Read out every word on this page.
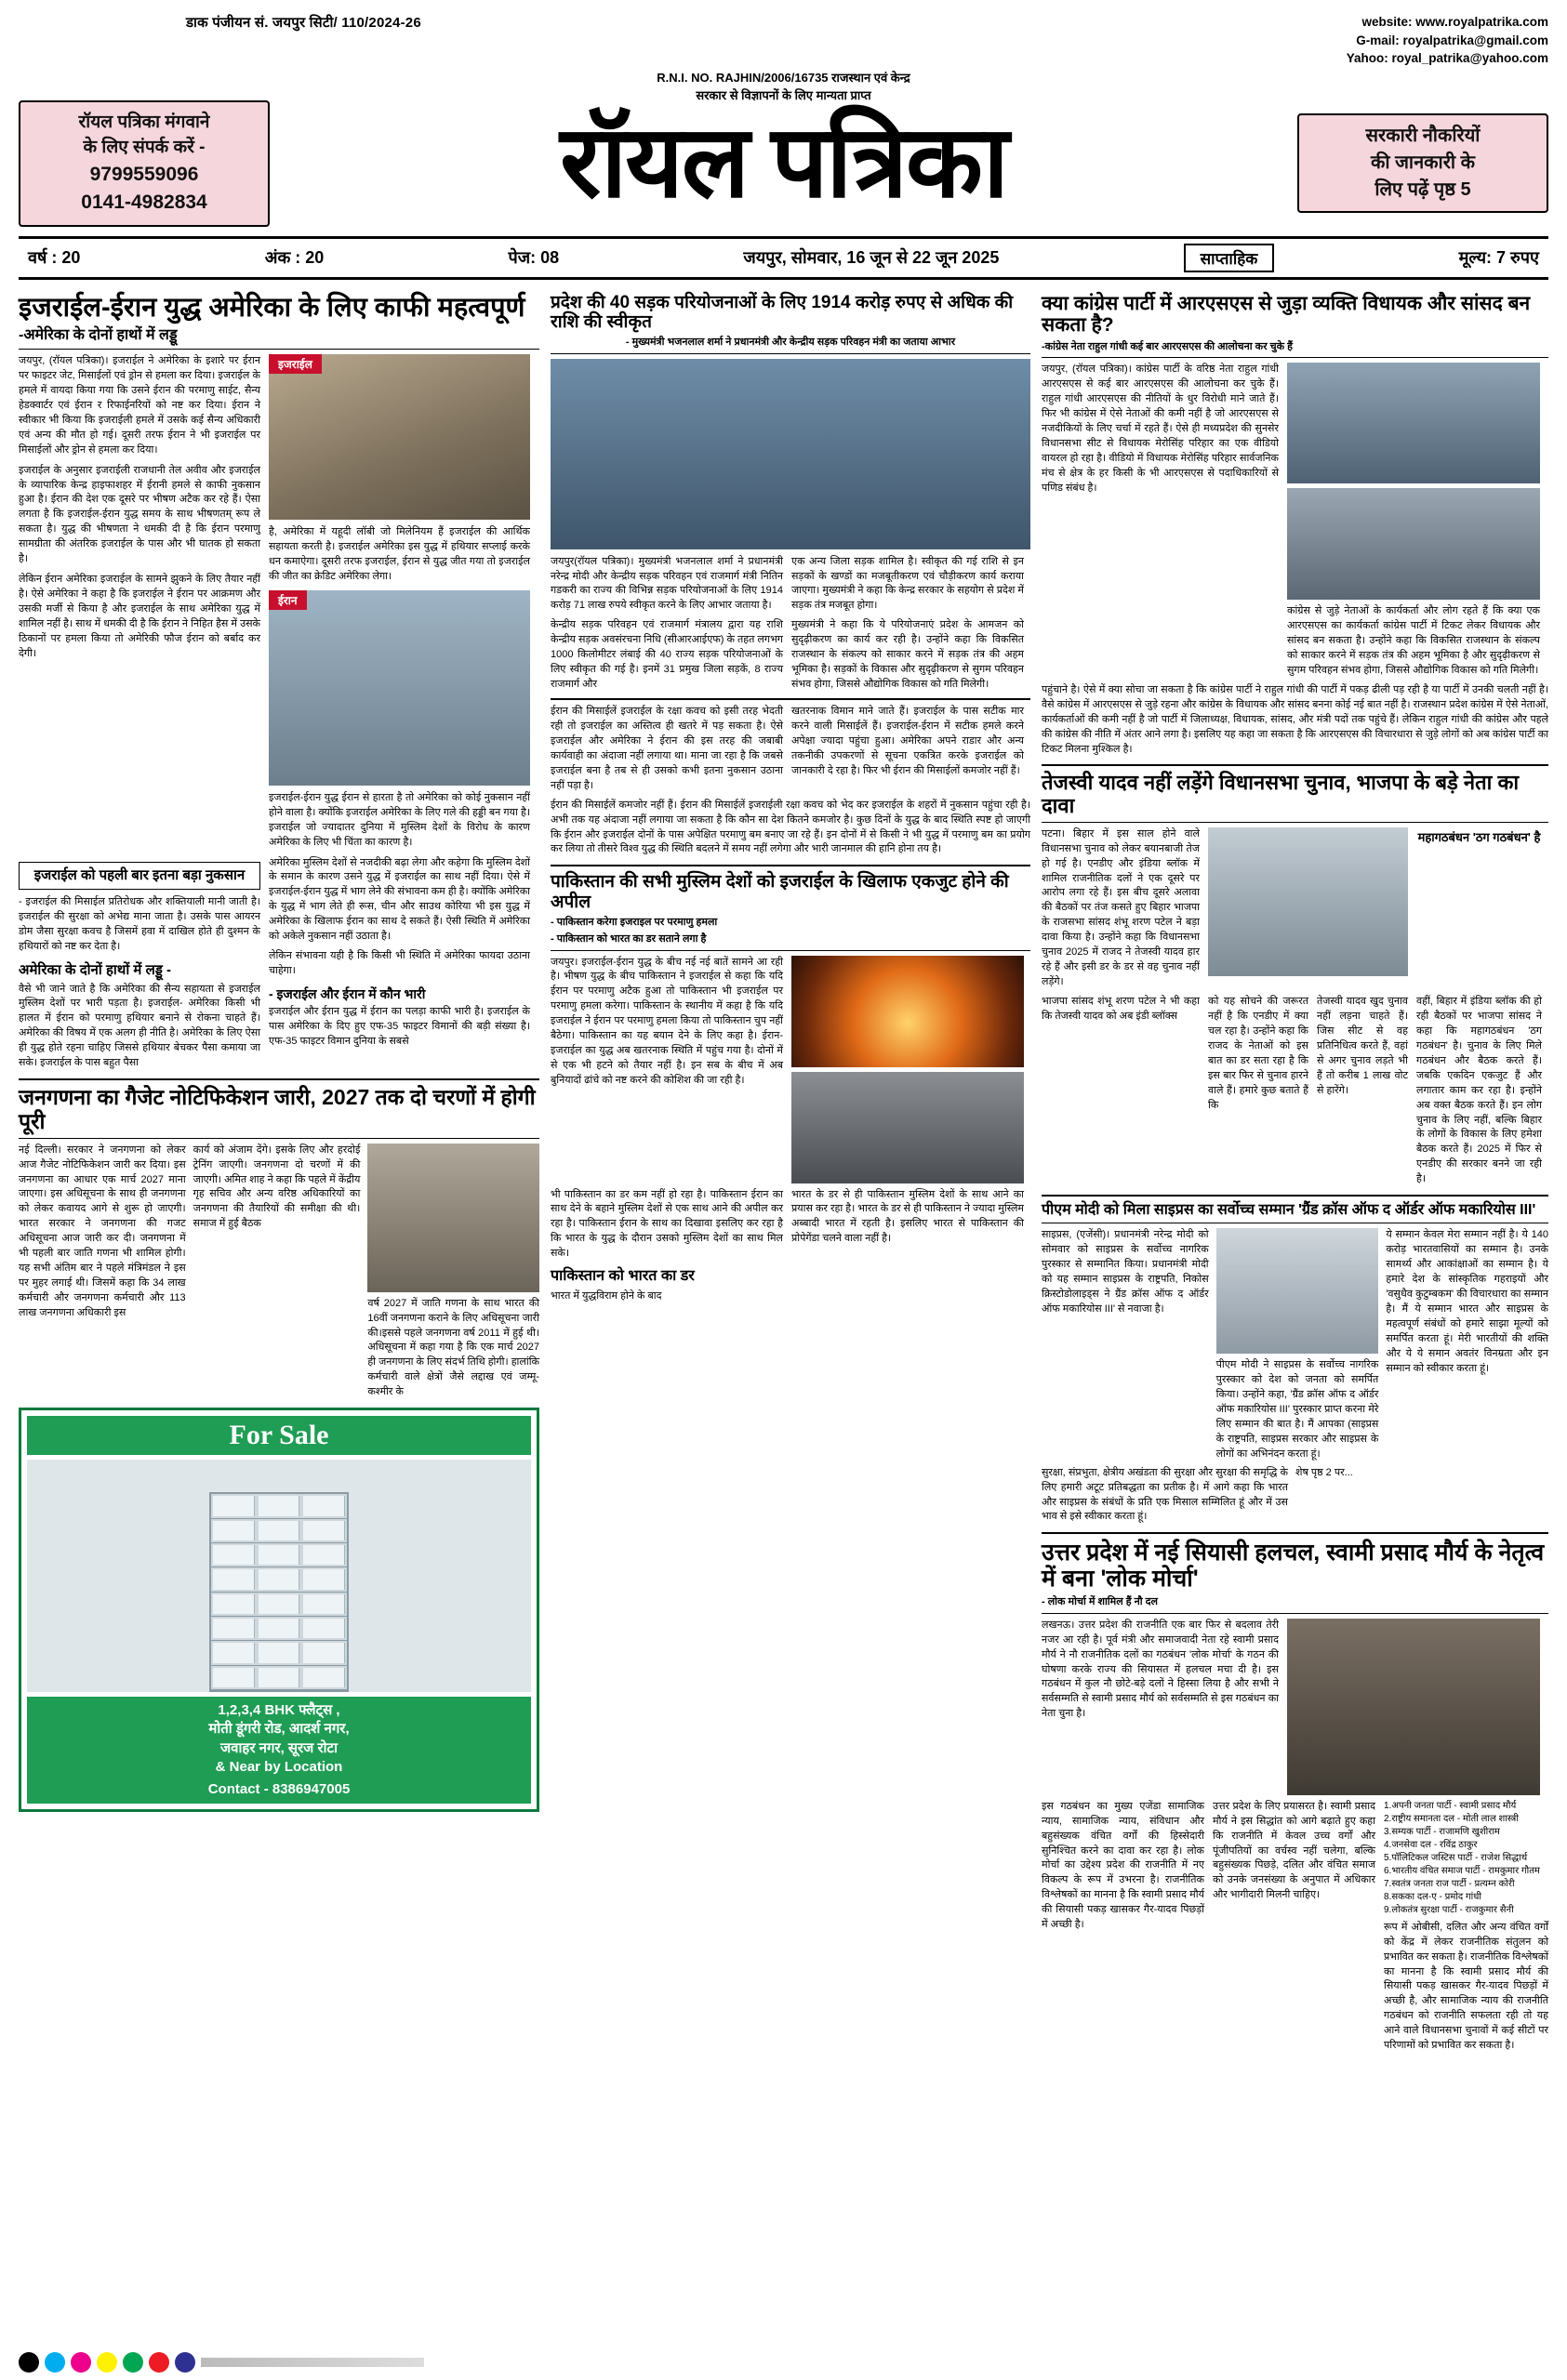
डाक पंजीयन सं. जयपुर सिटी/ 110/2024-26	website: www.royalpatrika.com
G-mail: royalpatrika@gmail.com
Yahoo: royal_patrika@yahoo.com
R.N.I. NO. RAJHIN/2006/16735 राजस्थान एवं केन्द्र
सरकार से विज्ञापनों के लिए मान्यता प्राप्त
रॉयल पत्रिका मंगवाने
के लिए संपर्क करें -
9799559096
0141-4982834	रॉयल पत्रिका	सरकारी नौकरियों
की जानकारी के
लिए पढ़ें पृष्ठ 5
वर्ष : 20	अंक : 20	पेज: 08	जयपुर, सोमवार, 16 जून से 22 जून 2025	साप्ताहिक	मूल्य: 7 रुपए
इजराईल-ईरान युद्ध अमेरिका के लिए काफी महत्वपूर्ण
-अमेरिका के दोनों हाथों में लड्डू
जयपुर, (रॉयल पत्रिका)। इजराईल ने अमेरिका के इशारे पर ईरान पर फाइटर जेट, मिसाईलों एवं ड्रोन से हमला कर दिया। इजराईल के हमले में वायदा किया गया कि उसने ईरान की परमाणु साईट, सैन्य हेडक्वार्टर एवं ईरान र रिफाईनरियों को नष्ट कर दिया। ईरान ने स्वीकार भी किया कि इजराईली हमले में उसके कई सैन्य अधिकारी एवं अन्य की मौत हो गई। दूसरी तरफ ईरान ने भी इजराईल पर मिसाईलों और ड्रोन से हमला कर दिया।
इजराईल के अनुसार इजराईली राजधानी तेल अवीव और इजराईल के व्यापारिक केन्द्र हाइफाशहर में ईरानी हमले से काफी नुकसान हुआ है। ईरान की देश एक दूसरे पर भीषण अटैक कर रहे हैं। ऐसा लगता है कि इजराईल-ईरान युद्ध समय के साथ भीषणतम् रूप ले सकता है। युद्ध की भीषणता ने धमकी दी है कि ईरान परमाणु सामग्रीता की अंतरिक इजराईल के पास और भी घातक हो सकता है।
लेकिन ईरान अमेरिका इजराईल के सामने झुकने के लिए तैयार नहीं है। ऐसे अमेरिका ने कहा है कि इजराईल ने ईरान पर आक्रमण और उसकी मर्जी से किया है और इजराईल के साथ अमेरिका युद्ध में शामिल नहीं है। साथ में धमकी दी है कि ईरान ने निहित हैस में उसके ठिकानों पर हमला किया तो अमेरिकी फौज ईरान को बर्बाद कर देगी।
इजराईल
है, अमेरिका में यहूदी लॉबी जो मिलेनियम हैं इजराईल की आर्थिक सहायता करती है। इजराईल अमेरिका इस युद्ध में हथियार सप्लाई करके धन कमाऐगा। दूसरी तरफ इजराईल, ईरान से युद्ध जीत गया तो इजराईल की जीत का क्रेडिट अमेरिका लेगा।
ईरान
इजराईल-ईरान युद्ध ईरान से हारता है तो अमेरिका को कोई नुकसान नहीं होने वाला है। क्योंकि इजराईल अमेरिका के लिए गले की हड्डी बन गया है। इजराईल जो ज्यादातर दुनिया में मुस्लिम देशों के विरोध के कारण अमेरिका के लिए भी चिंता का कारण है।
इजराईल को पहली बार इतना बड़ा नुकसान
- इजराईल की मिसाईल प्रतिरोधक और शक्तियाली मानी जाती है। इजराईल की सुरक्षा को अभेद्य माना जाता है। उसके पास आयरन डोम जैसा सुरक्षा कवच है जिसमें हवा में दाखिल होते ही दुश्मन के हथियारों को नष्ट कर देता है।
अमेरिका के दोनों हाथों में लड्डू -
वैसे भी जाने जाते है कि अमेरिका की सैन्य सहायता से इजराईल मुस्लिम देशों पर भारी पड़ता है। इजराईल- अमेरिका किसी भी हालत में ईरान को परमाणु हथियार बनाने से रोकना चाहते हैं। अमेरिका की विषय में एक अलग ही नीति है। अमेरिका के लिए ऐसा ही युद्ध होते रहना चाहिए जिससे हथियार बेचकर पैसा कमाया जा सके। इजराईल के पास बहुत पैसा
अमेरिका मुस्लिम देशों से नजदीकी बढ़ा लेगा और कहेगा कि मुस्लिम देशों के समान के कारण उसने युद्ध में इजराईल का साथ नहीं दिया। ऐसे में इजराईल-ईरान युद्ध में भाग लेने की संभावना कम ही है। क्योंकि अमेरिका के युद्ध में भाग लेते ही रूस, चीन और साउथ कोरिया भी इस युद्ध में अमेरिका के खिलाफ ईरान का साथ दे सकते हैं। ऐसी स्थिति में अमेरिका को अकेले नुकसान नहीं उठाता है।
लेकिन संभावना यही है कि किसी भी स्थिति में अमेरिका फायदा उठाना चाहेगा।
- इजराईल और ईरान में कौन भारी
इजराईल और ईरान युद्ध में ईरान का पलड़ा काफी भारी है। इजराईल के पास अमेरिका के दिए हुए एफ-35 फाइटर विमानों की बड़ी संख्या है। एफ-35 फाइटर विमान दुनिया के सबसे
जनगणना का गैजेट नोटिफिकेशन जारी, 2027 तक दो चरणों में होगी पूरी
नई दिल्ली। सरकार ने जनगणना को लेकर आज गैजेट नोटिफिकेशन जारी कर दिया। इस जनगणना का आधार एक मार्च 2027 माना जाएगा। इस अधिसूचना के साथ ही जनगणना को लेकर कवायद आगे से शुरू हो जाएगी। भारत सरकार ने जनगणना की गजट अधिसूचना आज जारी कर दी। जनगणना में भी पहली बार जाति गणना भी शामिल होगी। यह सभी अंतिम बार ने पहले मंत्रिमंडल ने इस पर मुहर लगाई थी। जिसमें कहा कि 34 लाख कर्मचारी और जनगणना कर्मचारी और 113 लाख जनगणना अधिकारी इस
कार्य को अंजाम देंगे। इसके लिए और हरदोई ट्रेनिंग जाएगी। जनगणना दो चरणों में की जाएगी। अमित शाह ने कहा कि पहले में केंद्रीय गृह सचिव और अन्य वरिष्ठ अधिकारियों का जनगणना की तैयारियों की समीक्षा की थी। समाज में हुई बैठक
वर्ष 2027 में जाति गणना के साथ भारत की 16वीं जनगणना कराने के लिए अधिसूचना जारी की।इससे पहले जनगणना वर्ष 2011 में हुई थी। अधिसूचना में कहा गया है कि एक मार्च 2027 ही जनगणना के लिए संदर्भ तिथि होगी। हालांकि कर्मचारी वाले क्षेत्रों जैसे लद्दाख एवं जम्मू-कश्मीर के
For Sale
1,2,3,4 BHK फ्लैट्स ,
मोती डूंगरी रोड, आदर्श नगर,
जवाहर नगर, सूरज रोटा
& Near by Location
Contact - 8386947005
प्रदेश की 40 सड़क परियोजनाओं के लिए 1914 करोड़ रुपए से अधिक की राशि की स्वीकृत
- मुख्यमंत्री भजनलाल शर्मा ने प्रधानमंत्री और केन्द्रीय सड़क परिवहन मंत्री का जताया आभार
जयपुर(रॉयल पत्रिका)। मुख्यमंत्री भजनलाल शर्मा ने प्रधानमंत्री नरेन्द्र मोदी और केन्द्रीय सड़क परिवहन एवं राजमार्ग मंत्री नितिन गडकरी का राज्य की विभिन्न सड़क परियोजनाओं के लिए 1914 करोड़ 71 लाख रुपये स्वीकृत करने के लिए आभार जताया है।
केन्द्रीय सड़क परिवहन एवं राजमार्ग मंत्रालय द्वारा यह राशि केन्द्रीय सड़क अवसंरचना निधि (सीआरआईएफ) के तहत लगभग 1000 किलोमीटर लंबाई की 40 राज्य सड़क परियोजनाओं के लिए स्वीकृत की गई है। इनमें 31 प्रमुख जिला सड़कें, 8 राज्य राजमार्ग और
एक अन्य जिला सड़क शामिल है। स्वीकृत की गई राशि से इन सड़कों के खण्डों का मजबूतीकरण एवं चौड़ीकरण कार्य कराया जाएगा। मुख्यमंत्री ने कहा कि केन्द्र सरकार के सहयोग से प्रदेश में सड़क तंत्र मजबूत होगा।
मुख्यमंत्री ने कहा कि ये परियोजनाएं प्रदेश के आमजन को सुदृढ़ीकरण का कार्य कर रही है। उन्होंने कहा कि विकसित राजस्थान के संकल्प को साकार करने में सड़क तंत्र की अहम भूमिका है। सड़कों के विकास और सुदृढ़ीकरण से सुगम परिवहन संभव होगा, जिससे औद्योगिक विकास को गति मिलेगी।
ईरान की मिसाईलें इजराईल के रक्षा कवच को इसी तरह भेदती रही तो इजराईल का अस्तित्व ही खतरे में पड़ सकता है। ऐसे इजराईल और अमेरिका ने ईरान की इस तरह की जबाबी कार्यवाही का अंदाजा नहीं लगाया था। माना जा रहा है कि जबसे इजराईल बना है तब से ही उसको कभी इतना नुकसान उठाना नहीं पड़ा है।
खतरनाक विमान माने जाते हैं। इजराईल के पास सटीक मार करने वाली मिसाईलें हैं। इजराईल-ईरान में सटीक हमले करने अपेक्षा ज्यादा पहुंचा हुआ। अमेरिका अपने राडार और अन्य तकनीकी उपकरणों से सूचना एकत्रित करके इजराईल को जानकारी दे रहा है। फिर भी ईरान की मिसाईलों कमजोर नहीं हैं।
ईरान की मिसाईलें कमजोर नहीं हैं। ईरान की मिसाईलें इजराईली रक्षा कवच को भेद कर इजराईल के शहरों में नुकसान पहुंचा रही है। अभी तक यह अंदाजा नहीं लगाया जा सकता है कि कौन सा देश कितने कमजोर है। कुछ दिनों के युद्ध के बाद स्थिति स्पष्ट हो जाएगी कि ईरान और इजराईल दोनों के पास अपेक्षित परमाणु बम बनाए जा रहे हैं। इन दोनों में से किसी ने भी युद्ध में परमाणु बम का प्रयोग कर लिया तो तीसरे विश्व युद्ध की स्थिति बदलने में समय नहीं लगेगा और भारी जानमाल की हानि होना तय है।
पाकिस्तान की सभी मुस्लिम देशों को इजराईल के खिलाफ एकजुट होने की अपील
- पाकिस्तान करेगा इजराइल पर परमाणु हमला
- पाकिस्तान को भारत का डर सताने लगा है
जयपुर। इजराईल-ईरान युद्ध के बीच नई नई बातें सामने आ रही है। भीषण युद्ध के बीच पाकिस्तान ने इजराईल से कहा कि यदि ईरान पर परमाणु अटैक हुआ तो पाकिस्तान भी इजराईल पर परमाणु हमला करेगा। पाकिस्तान के स्थानीय में कहा है कि यदि इजराईल ने ईरान पर परमाणु हमला किया तो पाकिस्तान चुप नहीं बैठेगा। पाकिस्तान का यह बयान देने के लिए कहा है। ईरान-इजराईल का युद्ध अब खतरनाक स्थिति में पहुंच गया है। दोनों में से एक भी हटने को तैयार नहीं है। इन सब के बीच में अब बुनियादों ढांचे को नष्ट करने की कोशिश की जा रही है।
भी पाकिस्तान का डर कम नहीं हो रहा है। पाकिस्तान ईरान का साथ देने के बहाने मुस्लिम देशों से एक साथ आने की अपील कर रहा है। पाकिस्तान ईरान के साथ का दिखावा इसलिए कर रहा है कि भारत के युद्ध के दौरान उसको मुस्लिम देशों का साथ मिल सके।
भारत के डर से ही पाकिस्तान मुस्लिम देशों के साथ आने का प्रयास कर रहा है। भारत के डर से ही पाकिस्तान ने ज्यादा मुस्लिम अब्बादी भारत में रहती है। इसलिए भारत से पाकिस्तान की प्रोपेगेंडा चलने वाला नहीं है।
पाकिस्तान को भारत का डर
भारत में युद्धविराम होने के बाद
क्या कांग्रेस पार्टी में आरएसएस से जुड़ा व्यक्ति विधायक और सांसद बन सकता है?
-कांग्रेस नेता राहुल गांधी कई बार आरएसएस की आलोचना कर चुके हैं
जयपुर, (रॉयल पत्रिका)। कांग्रेस पार्टी के वरिष्ठ नेता राहुल गांधी आरएसएस से कई बार आरएसएस की आलोचना कर चुके हैं। राहुल गांधी आरएसएस की नीतियों के धुर विरोधी माने जाते हैं। फिर भी कांग्रेस में ऐसे नेताओं की कमी नहीं है जो आरएसएस से नजदीकियों के लिए चर्चा में रहते हैं। ऐसे ही मध्यप्रदेश की सुनसेर विधानसभा सीट से विधायक मेरोसिंह परिहार का एक वीडियो वायरल हो रहा है। वीडियो में विधायक मेरोसिंह परिहार सार्वजनिक मंच से क्षेत्र के हर किसी के भी आरएसएस से पदाधिकारियों से पणिड संबंध है।
कांग्रेस से जुड़े नेताओं के कार्यकर्ता और लोग रहते हैं कि क्या एक आरएसएस का कार्यकर्ता कांग्रेस पार्टी में टिकट लेकर विधायक और सांसद बन सकता है। उन्होंने कहा कि विकसित राजस्थान के संकल्प को साकार करने में सड़क तंत्र की अहम भूमिका है और सुदृढ़ीकरण से सुगम परिवहन संभव होगा, जिससे औद्योगिक विकास को गति मिलेगी।
पहुंचाने है। ऐसे में क्या सोचा जा सकता है कि कांग्रेस पार्टी ने राहुल गांधी की पार्टी में पकड़ ढीली पड़ रही है या पार्टी में उनकी चलती नहीं है। वैसे कांग्रेस में आरएसएस से जुड़े रहना और कांग्रेस के विधायक और सांसद बनना कोई नई बात नहीं है। राजस्थान प्रदेश कांग्रेस में ऐसे नेताओं, कार्यकर्ताओं की कमी नहीं है जो पार्टी में जिलाध्यक्ष, विधायक, सांसद, और मंत्री पदों तक पहुंचे हैं। लेकिन राहुल गांधी की कांग्रेस और पहले की कांग्रेस की नीति में अंतर आने लगा है। इसलिए यह कहा जा सकता है कि आरएसएस की विचारधारा से जुड़े लोगों को अब कांग्रेस पार्टी का टिकट मिलना मुश्किल है।
तेजस्वी यादव नहीं लड़ेंगे विधानसभा चुनाव, भाजपा के बड़े नेता का दावा
पटना। बिहार में इस साल होने वाले विधानसभा चुनाव को लेकर बयानबाजी तेज हो गई है। एनडीए और इंडिया ब्लॉक में शामिल राजनीतिक दलों ने एक दूसरे पर आरोप लगा रहे हैं। इस बीच दूसरे अलावा की बैठकों पर तंज कसते हुए बिहार भाजपा के राजसभा सांसद शंभू शरण पटेल ने बड़ा दावा किया है। उन्होंने कहा कि विधानसभा चुनाव 2025 में राजद ने तेजस्वी यादव हार रहे हैं और इसी डर के डर से वह चुनाव नहीं लड़ेंगे।
महागठबंधन 'ठग गठबंधन' है
भाजपा सांसद शंभू शरण पटेल ने भी कहा कि तेजस्वी यादव को अब इंडी ब्लॉक्स
को यह सोचने की जरूरत नहीं है कि एनडीए में क्या चल रहा है। उन्होंने कहा कि राजद के नेताओं को इस बात का डर सता रहा है कि इस बार फिर से चुनाव हारने वाले हैं। हमारे कुछ बताते हैं कि
तेजस्वी यादव खुद चुनाव नहीं लड़ना चाहते हैं। जिस सीट से वह प्रतिनिधित्व करते हैं, वहां से अगर चुनाव लड़ते भी हैं तो करीब 1 लाख वोट से हारेंगे।
वहीं, बिहार में इंडिया ब्लॉक की हो रही बैठकों पर भाजपा सांसद ने कहा कि महागठबंधन 'ठग गठबंधन' है। चुनाव के लिए मिले गठबंधन और बैठक करते हैं। जबकि एकदिन एकजुट हैं और लगातार काम कर रहा है। इन्होंने अब वक्त बैठक करते हैं। इन लोग चुनाव के लिए नहीं, बल्कि बिहार के लोगों के विकास के लिए हमेशा बैठक करते हैं। 2025 में फिर से एनडीए की सरकार बनने जा रही है।
पीएम मोदी को मिला साइप्रस का सर्वोच्च सम्मान 'ग्रैंड क्रॉस ऑफ द ऑर्डर ऑफ मकारियोस III'
साइप्रस, (एजेंसी)। प्रधानमंत्री नरेन्द्र मोदी को सोमवार को साइप्रस के सर्वोच्च नागरिक पुरस्कार से सम्मानित किया। प्रधानमंत्री मोदी को यह सम्मान साइप्रस के राष्ट्रपति, निकोस क्रिस्टोडोलाइड्स ने ग्रैंड क्रॉस ऑफ द ऑर्डर ऑफ मकारियोस III' से नवाजा है।
पीएम मोदी ने साइप्रस के सर्वोच्च नागरिक पुरस्कार को देश को जनता को समर्पित किया। उन्होंने कहा, 'ग्रैंड क्रॉस ऑफ द ऑर्डर ऑफ मकारियोस III' पुरस्कार प्राप्त करना मेरे लिए सम्मान की बात है। मैं आपका (साइप्रस के राष्ट्रपति, साइप्रस सरकार और साइप्रस के लोगों का अभिनंदन करता हूं।
ये सम्मान केवल मेरा सम्मान नहीं है। ये 140 करोड़ भारतवासियों का सम्मान है। उनके सामर्थ्य और आकांक्षाओं का सम्मान है। ये हमारे देश के सांस्कृतिक गहराइयों और 'वसुधैव कुटुम्बकम' की विचारधारा का सम्मान है। मैं ये सम्मान भारत और साइप्रस के महत्वपूर्ण संबंधों को हमारे साझा मूल्यों को समर्पित करता हूं। मेरी भारतीयों की शक्ति और ये ये समान अवतंर विनम्रता और इन सम्मान को स्वीकार करता हूं।
सुरक्षा, संप्रभुता, क्षेत्रीय अखंडता की सुरक्षा और सुरक्षा की समृद्धि के लिए हमारी अटूट प्रतिबद्धता का प्रतीक है। में आगे कहा कि भारत और साइप्रस के संबंधों के प्रति एक मिसाल सम्मिलित हूं और में उस भाव से इसे स्वीकार करता हूं।
शेष पृष्ठ 2 पर...
उत्तर प्रदेश में नई सियासी हलचल, स्वामी प्रसाद मौर्य के नेतृत्व में बना 'लोक मोर्चा'
- लोक मोर्चा में शामिल हैं नौ दल
लखनऊ। उत्तर प्रदेश की राजनीति एक बार फिर से बदलाव तेरी नजर आ रही है। पूर्व मंत्री और समाजवादी नेता रहे स्वामी प्रसाद मौर्य ने नौ राजनीतिक दलों का गठबंधन 'लोक मोर्चा' के गठन की घोषणा करके राज्य की सियासत में हलचल मचा दी है। इस गठबंधन में कुल नौ छोटे-बड़े दलों ने हिस्सा लिया है और सभी ने सर्वसम्मति से स्वामी प्रसाद मौर्य को सर्वसम्मति से इस गठबंधन का नेता चुना है।
इस गठबंधन का मुख्य एजेंडा सामाजिक न्याय, सामाजिक न्याय, संविधान और बहुसंख्यक वंचित वर्गों की हिस्सेदारी सुनिश्चित करने का दावा कर रहा है। लोक मोर्चा का उद्देश्य प्रदेश की राजनीति में नए विकल्प के रूप में उभरना है। राजनीतिक विश्लेषकों का मानना है कि स्वामी प्रसाद मौर्य की सियासी पकड़ खासकर गैर-यादव पिछड़ों में अच्छी है।
उत्तर प्रदेश के लिए प्रयासरत है। स्वामी प्रसाद मौर्य ने इस सिद्धांत को आगे बढ़ाते हुए कहा कि राजनीति में केवल उच्च वर्गों और पूंजीपतियों का वर्चस्व नहीं चलेगा, बल्कि बहुसंख्यक पिछड़े, दलित और वंचित समाज को उनके जनसंख्या के अनुपात में अधिकार और भागीदारी मिलनी चाहिए।
1.अपनी जनता पार्टी - स्वामी प्रसाद मौर्य
2.राष्ट्रीय समानता दल - मोती लाल शास्त्री
3.सम्यक पार्टी - राजामणि खुशीराम
4.जनसेवा दल - रविंद्र ठाकुर
5.पॉलिटिकल जस्टिस पार्टी - राजेश सिद्धार्थ
6.भारतीय वंचित समाज पार्टी - रामकुमार गौतम
7.स्वतंत्र जनता राज पार्टी - प्रत्यम्न कोरी
8.सकका दल-ए - प्रमोद गांधी
9.लोकतंत्र सुरक्षा पार्टी - राजकुमार सैनी
रूप में ओबीसी, दलित और अन्य वंचित वर्गों को केंद्र में लेकर राजनीतिक संतुलन को प्रभावित कर सकता है। राजनीतिक विश्लेषकों का मानना है कि स्वामी प्रसाद मौर्य की सियासी पकड़ खासकर गैर-यादव पिछड़ों में अच्छी है, और सामाजिक न्याय की राजनीति गठबंधन को राजनीति सफलता रही तो यह आने वाले विधानसभा चुनावों में कई सीटों पर परिणामों को प्रभावित कर सकता है।
